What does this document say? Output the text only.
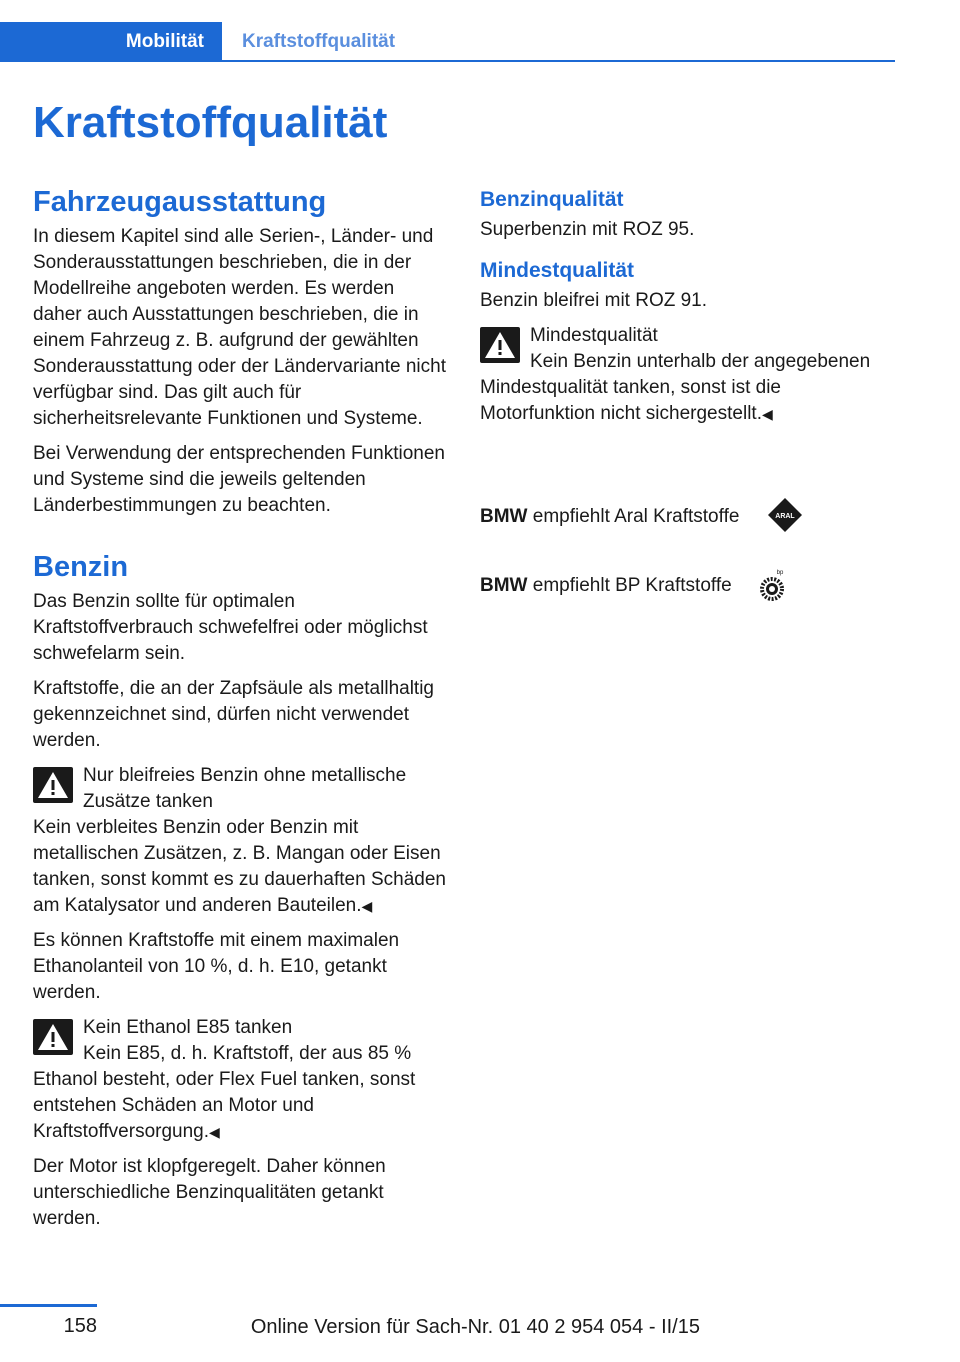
Mobilität Kraftstoffqualität
Kraftstoffqualität
Fahrzeugausstattung

In diesem Kapitel sind alle Serien-, Länder- und Sonderausstattungen beschrieben, die in der Modellreihe angeboten werden. Es werden daher auch Ausstattungen beschrieben, die in einem Fahrzeug z. B. aufgrund der gewählten Sonderausstattung oder der Ländervariante nicht verfügbar sind. Das gilt auch für sicherheitsrelevante Funktionen und Systeme.

Bei Verwendung der entsprechenden Funktionen und Systeme sind die jeweils geltenden Länderbestimmungen zu beachten.

Benzin

Das Benzin sollte für optimalen Kraftstoffverbrauch schwefelfrei oder möglichst schwefelarm sein.

Kraftstoffe, die an der Zapfsäule als metallhaltig gekennzeichnet sind, dürfen nicht verwendet werden.

Nur bleifreies Benzin ohne metallische Zusätze tanken
Kein verbleites Benzin oder Benzin mit metallischen Zusätzen, z. B. Mangan oder Eisen tanken, sonst kommt es zu dauerhaften Schäden am Katalysator und anderen Bauteilen.◀

Es können Kraftstoffe mit einem maximalen Ethanolanteil von 10 %, d. h. E10, getankt werden.

Kein Ethanol E85 tanken
Kein E85, d. h. Kraftstoff, der aus 85 %
Ethanol besteht, oder Flex Fuel tanken, sonst entstehen Schäden an Motor und Kraftstoffversorgung.◀

Der Motor ist klopfgeregelt. Daher können unterschiedliche Benzinqualitäten getankt werden.

Benzinqualität

Superbenzin mit ROZ 95.

Mindestqualität

Benzin bleifrei mit ROZ 91.

Mindestqualität
Kein Benzin unterhalb der angegebenen
Mindestqualität tanken, sonst ist die Motorfunktion nicht sichergestellt.◀
BMW empfiehlt Aral Kraftstoffe	ARAL
BMW empfiehlt BP Kraftstoffe
bp
158	Online Version für Sach-Nr. 01 40 2 954 054 - II/15
